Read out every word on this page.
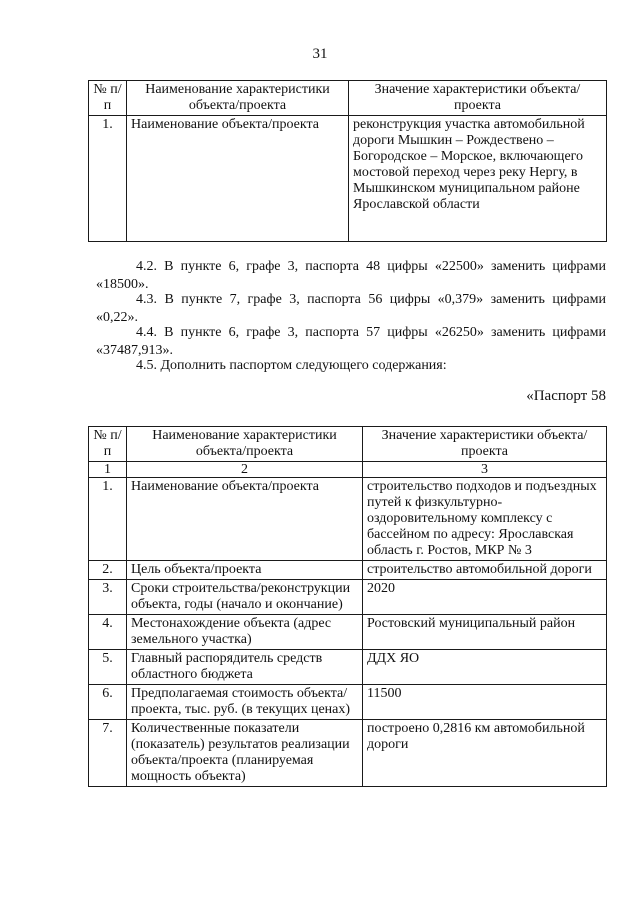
31
№ п/п	Наименование характеристики объекта/проекта	Значение характеристики объекта/проекта
1.	Наименование объекта/проекта	реконструкция участка автомобильной дороги Мышкин – Рождествено – Богородское – Морское, включающего мостовой переход через реку Нергу, в Мышкинском муниципальном районе Ярославской области
4.2. В пункте 6, графе 3, паспорта 48 цифры «22500» заменить цифрами «18500».
4.3. В пункте 7, графе 3, паспорта 56 цифры «0,379» заменить цифрами «0,22».
4.4. В пункте 6, графе 3, паспорта 57 цифры «26250» заменить цифрами «37487,913».
4.5. Дополнить паспортом следующего содержания:
«Паспорт 58
№ п/п	Наименование характеристики объекта/проекта	Значение характеристики объекта/проекта
1	2	3
1.	Наименование объекта/проекта	строительство подходов и подъездных путей к физкультурно-оздоровительному комплексу с бассейном по адресу: Ярославская область г. Ростов, МКР № 3
2.	Цель объекта/проекта	строительство автомобильной дороги
3.	Сроки строительства/реконструкции объекта, годы (начало и окончание)	2020
4.	Местонахождение объекта (адрес земельного участка)	Ростовский муниципальный район
5.	Главный распорядитель средств областного бюджета	ДДХ ЯО
6.	Предполагаемая стоимость объекта/проекта, тыс. руб. (в текущих ценах)	11500
7.	Количественные показатели (показатель) результатов реализации объекта/проекта (планируемая мощность объекта)	построено 0,2816 км автомобильной дороги
